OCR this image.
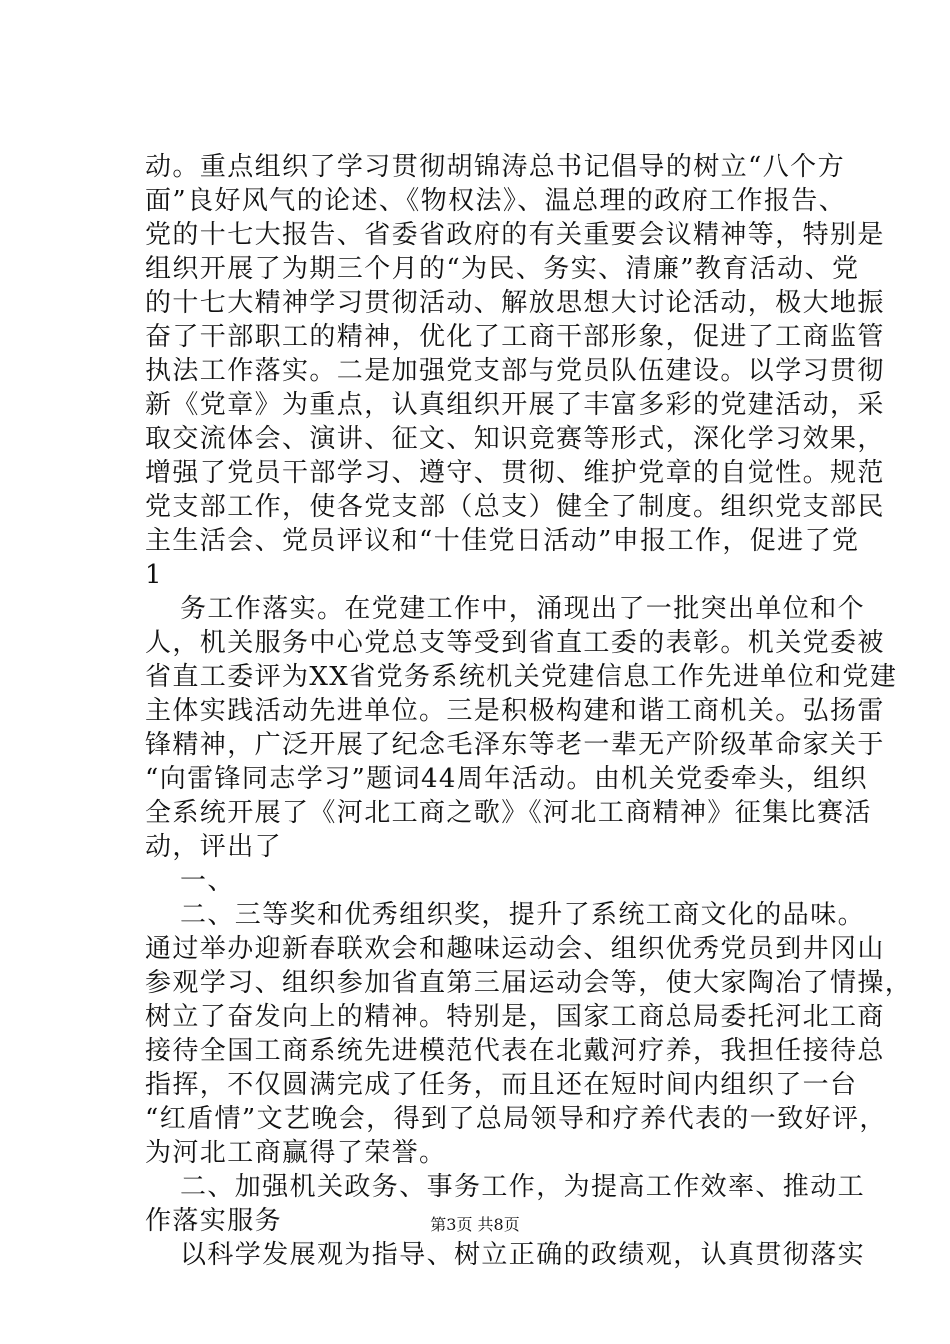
动。重点组织了学习贯彻胡锦涛总书记倡导的树立“八个方
面”良好风气的论述、《物权法》、温总理的政府工作报告、
党的十七大报告、省委省政府的有关重要会议精神等，特别是
组织开展了为期三个月的“为民、务实、清廉”教育活动、党
的十七大精神学习贯彻活动、解放思想大讨论活动，极大地振
奋了干部职工的精神，优化了工商干部形象，促进了工商监管
执法工作落实。二是加强党支部与党员队伍建设。以学习贯彻
新《党章》为重点，认真组织开展了丰富多彩的党建活动，采
取交流体会、演讲、征文、知识竞赛等形式，深化学习效果，
增强了党员干部学习、遵守、贯彻、维护党章的自觉性。规范
党支部工作，使各党支部（总支）健全了制度。组织党支部民
主生活会、党员评议和“十佳党日活动”申报工作，促进了党
1
务工作落实。在党建工作中，涌现出了一批突出单位和个
人，机关服务中心党总支等受到省直工委的表彰。机关党委被
省直工委评为XX省党务系统机关党建信息工作先进单位和党建
主体实践活动先进单位。三是积极构建和谐工商机关。弘扬雷
锋精神，广泛开展了纪念毛泽东等老一辈无产阶级革命家关于
“向雷锋同志学习”题词44周年活动。由机关党委牵头，组织
全系统开展了《河北工商之歌》《河北工商精神》征集比赛活
动，评出了
一、
二、三等奖和优秀组织奖，提升了系统工商文化的品味。
通过举办迎新春联欢会和趣味运动会、组织优秀党员到井冈山
参观学习、组织参加省直第三届运动会等，使大家陶冶了情操，
树立了奋发向上的精神。特别是，国家工商总局委托河北工商
接待全国工商系统先进模范代表在北戴河疗养，我担任接待总
指挥，不仅圆满完成了任务，而且还在短时间内组织了一台
“红盾情”文艺晚会，得到了总局领导和疗养代表的一致好评，
为河北工商赢得了荣誉。
二、加强机关政务、事务工作，为提高工作效率、推动工
作落实服务
以科学发展观为指导、树立正确的政绩观，认真贯彻落实
第3页 共8页
